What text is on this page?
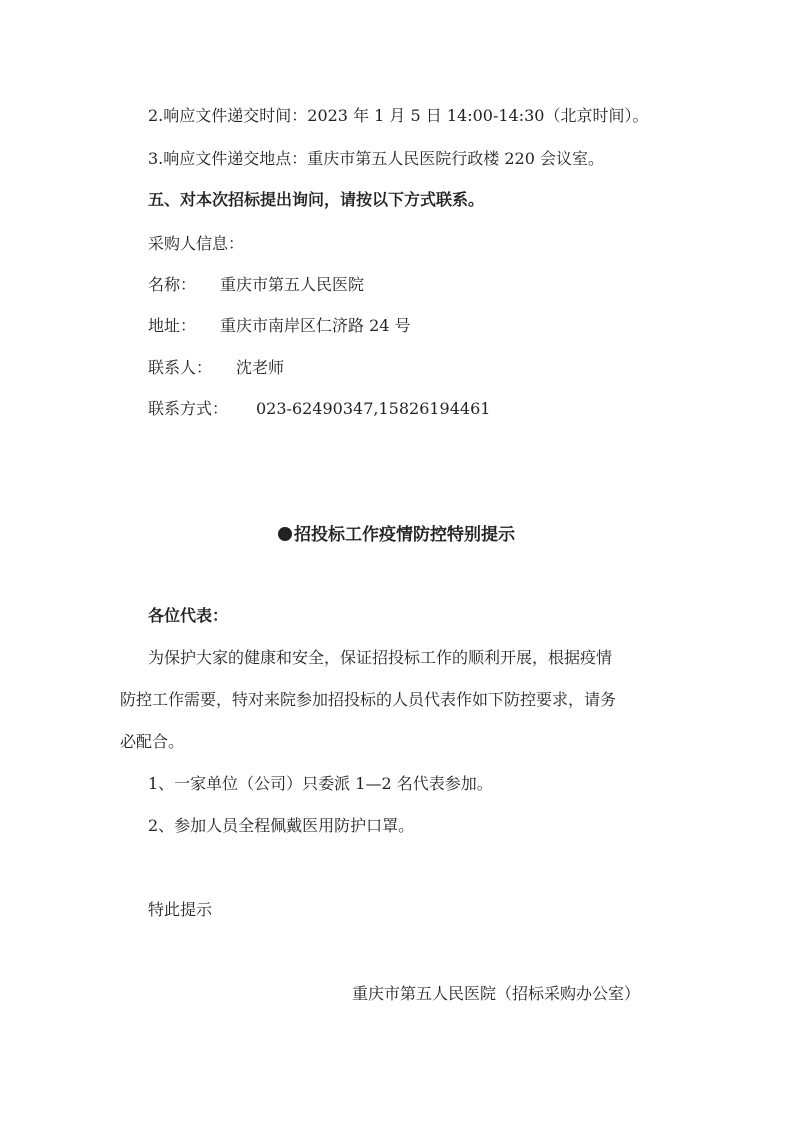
2.响应文件递交时间：2023 年 1 月 5 日 14:00-14:30（北京时间）。
3.响应文件递交地点：重庆市第五人民医院行政楼 220 会议室。
五、对本次招标提出询问，请按以下方式联系。
采购人信息：
名称： 重庆市第五人民医院
地址： 重庆市南岸区仁济路 24 号
联系人： 沈老师
联系方式： 023-62490347,15826194461
招投标工作疫情防控特别提示
各位代表：
为保护大家的健康和安全，保证招投标工作的顺利开展，根据疫情
防控工作需要，特对来院参加招投标的人员代表作如下防控要求，请务
必配合。
1、一家单位（公司）只委派 1—2 名代表参加。
2、参加人员全程佩戴医用防护口罩。
特此提示
重庆市第五人民医院（招标采购办公室）
